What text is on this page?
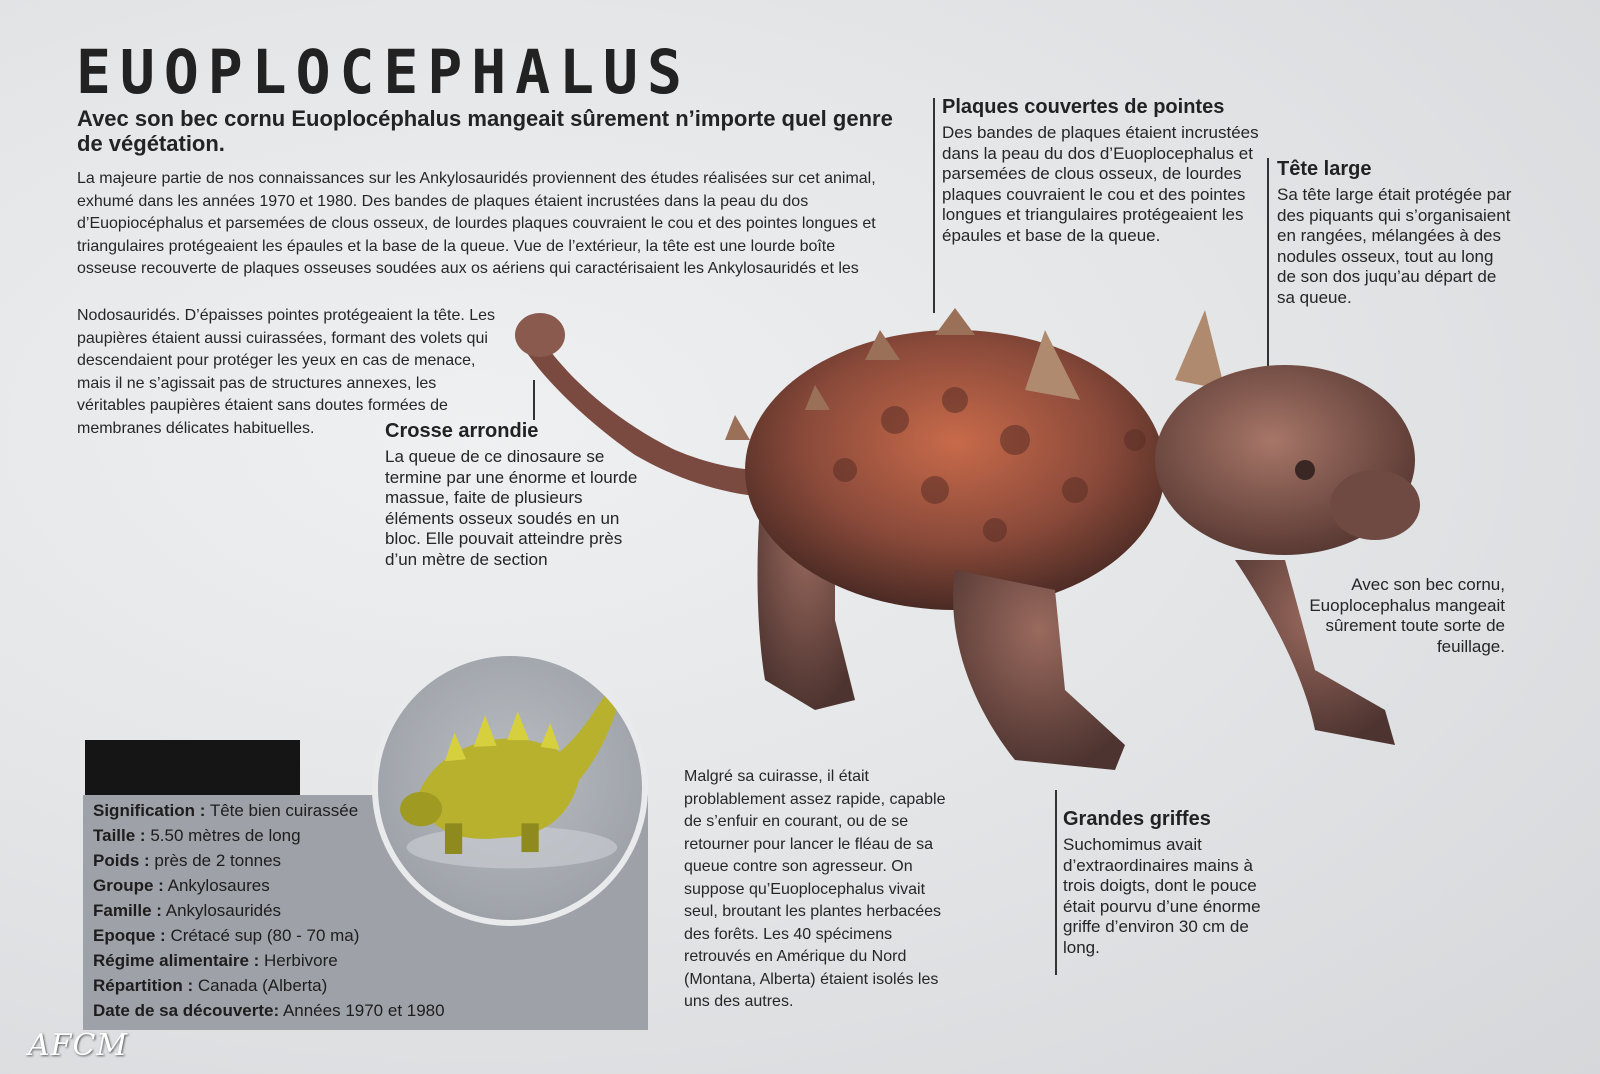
EUOPLOCEPHALUS
Avec son bec cornu Euoplocéphalus mangeait sûrement n’importe quel genre de végétation.
La majeure partie de nos connaissances sur les Ankylosauridés proviennent des études réalisées sur cet animal, exhumé dans les années 1970 et 1980. Des bandes de plaques étaient incrustées dans la peau du dos d’Euopiocéphalus et parsemées de clous osseux, de lourdes plaques couvraient le cou et des pointes longues et triangulaires protégeaient les épaules et la base de la queue. Vue de l’extérieur, la tête est une lourde boîte osseuse recouverte de plaques osseuses soudées aux os aériens qui caractérisaient les Ankylosauridés et les
Nodosauridés. D’épaisses pointes protégeaient la tête. Les paupières étaient aussi cuirassées, formant des volets qui descendaient pour protéger les yeux en cas de menace, mais il ne s’agissait pas de structures annexes, les véritables paupières étaient sans doutes formées de membranes délicates habituelles.
Plaques couvertes de pointes

Des bandes de plaques étaient incrustées dans la peau du dos d’Euoplocephalus et parsemées de clous osseux, de lourdes plaques couvraient le cou et des pointes longues et triangulaires protégeaient les épaules et base de la queue.

Tête large

Sa tête large était protégée par des piquants qui s’organisaient en rangées, mélangées à des nodules osseux, tout au long de son dos juqu’au départ de sa queue.

Crosse arrondie

La queue de ce dinosaure se termine par une énorme et lourde massue, faite de plusieurs éléments osseux soudés en un bloc. Elle pouvait atteindre près d’un mètre de section

Grandes griffes

Suchomimus avait d’extraordinaires mains à trois doigts, dont le pouce était pourvu d’une énorme griffe d’environ 30 cm de long.

Avec son bec cornu, Euoplocephalus mangeait sûrement toute sorte de feuillage.
Malgré sa cuirasse, il était problablement assez rapide, capable de s’enfuir en courant, ou de se retourner pour lancer le fléau de sa queue contre son agresseur. On suppose qu’Euoplocephalus vivait seul, broutant les plantes herbacées des forêts. Les 40 spécimens retrouvés en Amérique du Nord (Montana, Alberta) étaient isolés les uns des autres.
Signification : Tête bien cuirassée
Taille : 5.50 mètres de long
Poids : près de 2 tonnes
Groupe : Ankylosaures
Famille : Ankylosauridés
Epoque : Crétacé sup (80 - 70 ma)
Régime alimentaire : Herbivore
Répartition : Canada (Alberta)
Date de sa découverte: Années 1970 et 1980
AFCM
